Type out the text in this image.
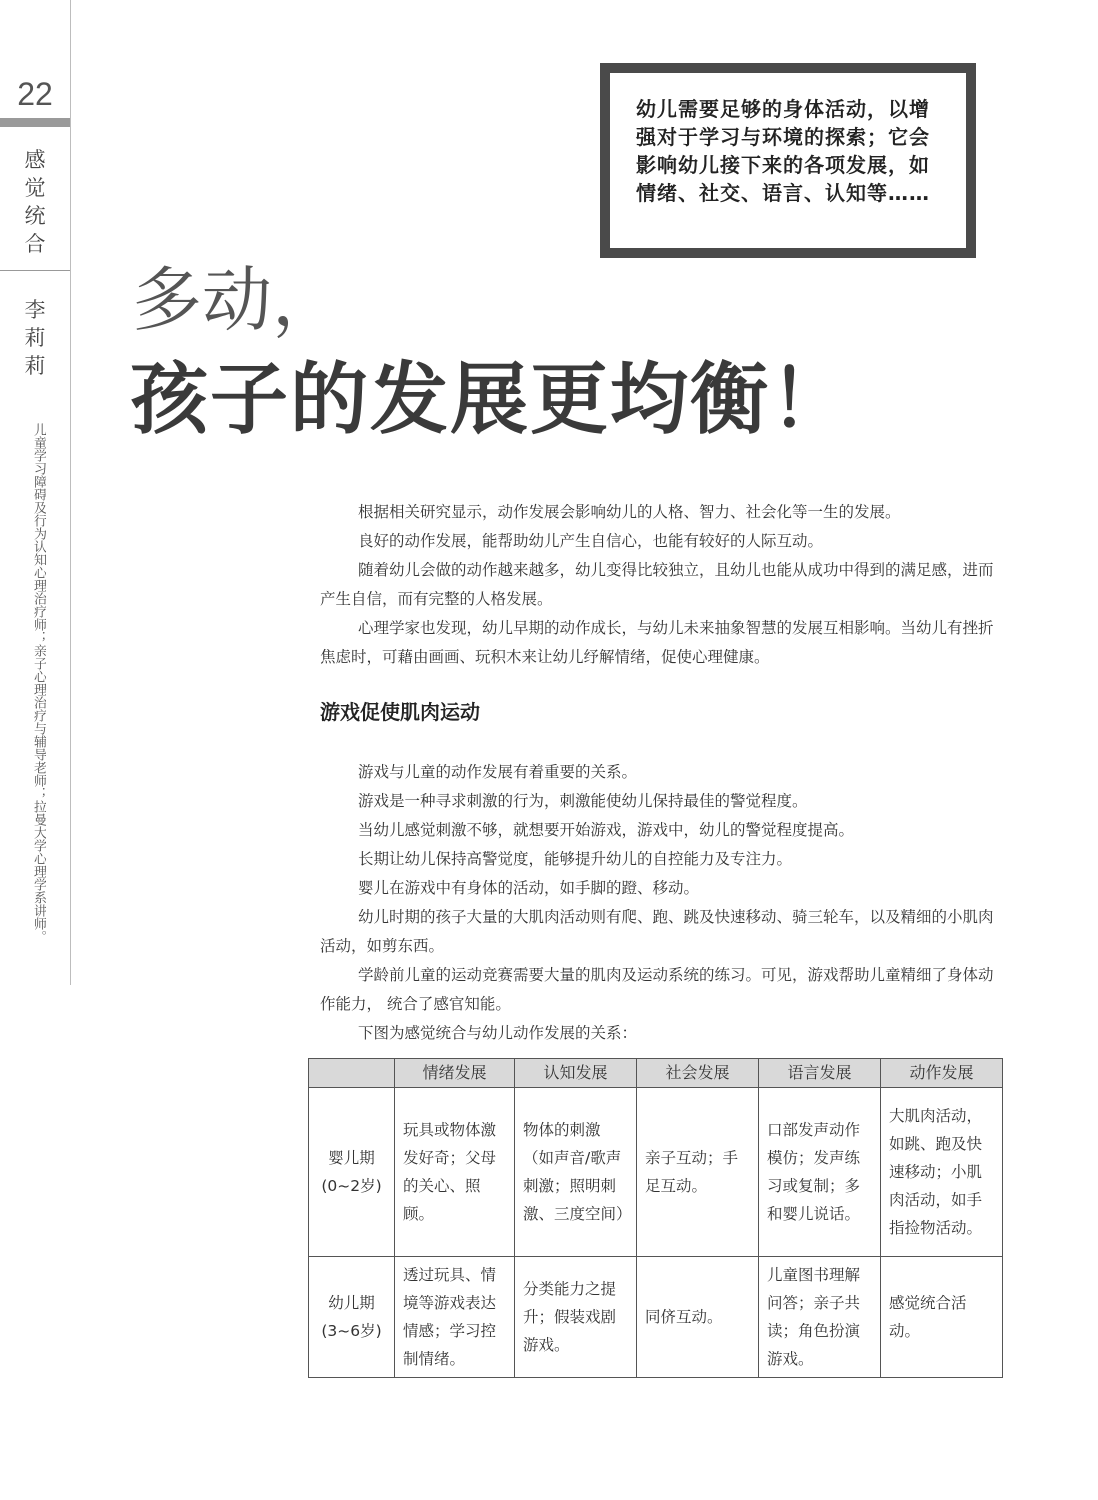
22
感
觉
统
合
李
莉
莉
儿童学习障碍及行为认知心理治疗师；亲子心理治疗与辅导老师；拉曼大学心理学系讲师。
幼儿需要足够的身体活动，以增强对于学习与环境的探索；它会影响幼儿接下来的各项发展，如情绪、社交、语言、认知等……
多动，
孩子的发展更均衡！

根据相关研究显示，动作发展会影响幼儿的人格、智力、社会化等一生的发展。

良好的动作发展，能帮助幼儿产生自信心，也能有较好的人际互动。

随着幼儿会做的动作越来越多，幼儿变得比较独立，且幼儿也能从成功中得到的满足感，进而产生自信，而有完整的人格发展。

心理学家也发现，幼儿早期的动作成长，与幼儿未来抽象智慧的发展互相影响。当幼儿有挫折焦虑时，可藉由画画、玩积木来让幼儿纾解情绪，促使心理健康。

游戏促使肌肉运动

游戏与儿童的动作发展有着重要的关系。

游戏是一种寻求刺激的行为，刺激能使幼儿保持最佳的警觉程度。

当幼儿感觉刺激不够，就想要开始游戏，游戏中，幼儿的警觉程度提高。

长期让幼儿保持高警觉度，能够提升幼儿的自控能力及专注力。

婴儿在游戏中有身体的活动，如手脚的蹬、移动。

幼儿时期的孩子大量的大肌肉活动则有爬、跑、跳及快速移动、骑三轮车，以及精细的小肌肉活动，如剪东西。

学龄前儿童的运动竞赛需要大量的肌肉及运动系统的练习。可见，游戏帮助儿童精细了身体动作能力， 统合了感官知能。

下图为感觉统合与幼儿动作发展的关系：

	情绪发展	认知发展	社会发展	语言发展	动作发展

婴儿期
(0~2岁)	玩具或物体激发好奇；父母的关心、照顾。	物体的刺激（如声音/歌声刺激；照明刺激、三度空间）	亲子互动；手足互动。	口部发声动作模仿；发声练习或复制；多和婴儿说话。	大肌肉活动，如跳、跑及快速移动；小肌肉活动，如手指捡物活动。

幼儿期
(3~6岁)	透过玩具、情境等游戏表达情感；学习控制情绪。	分类能力之提升；假装戏剧游戏。	同侪互动。	儿童图书理解问答；亲子共读；角色扮演游戏。	感觉统合活动。
